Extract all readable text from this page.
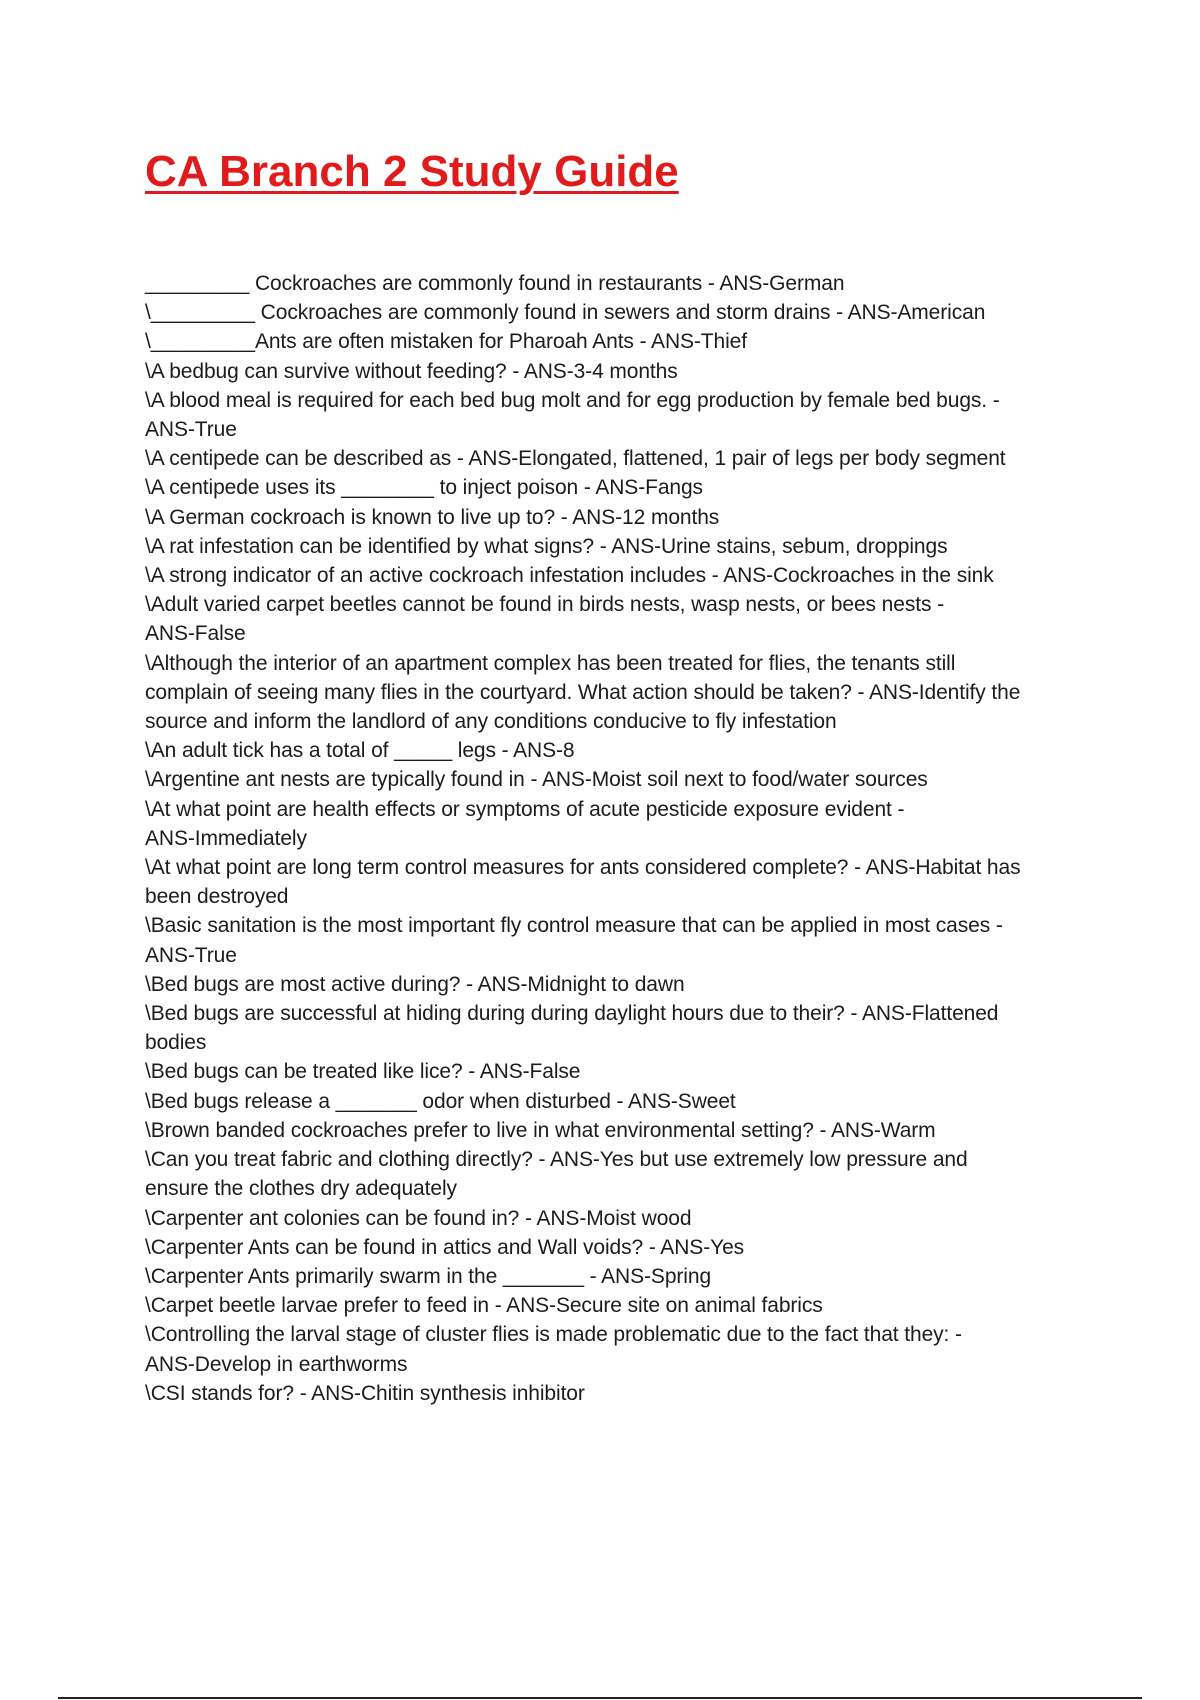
CA Branch 2 Study Guide
_________ Cockroaches are commonly found in restaurants - ANS-German
\_________ Cockroaches are commonly found in sewers and storm drains - ANS-American
\_________Ants are often mistaken for Pharoah Ants - ANS-Thief
\A bedbug can survive without feeding? - ANS-3-4 months
\A blood meal is required for each bed bug molt and for egg production by female bed bugs. -
ANS-True
\A centipede can be described as - ANS-Elongated, flattened, 1 pair of legs per body segment
\A centipede uses its ________ to inject poison - ANS-Fangs
\A German cockroach is known to live up to? - ANS-12 months
\A rat infestation can be identified by what signs? - ANS-Urine stains, sebum, droppings
\A strong indicator of an active cockroach infestation includes - ANS-Cockroaches in the sink
\Adult varied carpet beetles cannot be found in birds nests, wasp nests, or bees nests -
ANS-False
\Although the interior of an apartment complex has been treated for flies, the tenants still
complain of seeing many flies in the courtyard. What action should be taken? - ANS-Identify the
source and inform the landlord of any conditions conducive to fly infestation
\An adult tick has a total of _____ legs - ANS-8
\Argentine ant nests are typically found in - ANS-Moist soil next to food/water sources
\At what point are health effects or symptoms of acute pesticide exposure evident -
ANS-Immediately
\At what point are long term control measures for ants considered complete? - ANS-Habitat has
been destroyed
\Basic sanitation is the most important fly control measure that can be applied in most cases -
ANS-True
\Bed bugs are most active during? - ANS-Midnight to dawn
\Bed bugs are successful at hiding during during daylight hours due to their? - ANS-Flattened
bodies
\Bed bugs can be treated like lice? - ANS-False
\Bed bugs release a _______ odor when disturbed - ANS-Sweet
\Brown banded cockroaches prefer to live in what environmental setting? - ANS-Warm
\Can you treat fabric and clothing directly? - ANS-Yes but use extremely low pressure and
ensure the clothes dry adequately
\Carpenter ant colonies can be found in? - ANS-Moist wood
\Carpenter Ants can be found in attics and Wall voids? - ANS-Yes
\Carpenter Ants primarily swarm in the _______ - ANS-Spring
\Carpet beetle larvae prefer to feed in - ANS-Secure site on animal fabrics
\Controlling the larval stage of cluster flies is made problematic due to the fact that they: -
ANS-Develop in earthworms
\CSI stands for? - ANS-Chitin synthesis inhibitor
